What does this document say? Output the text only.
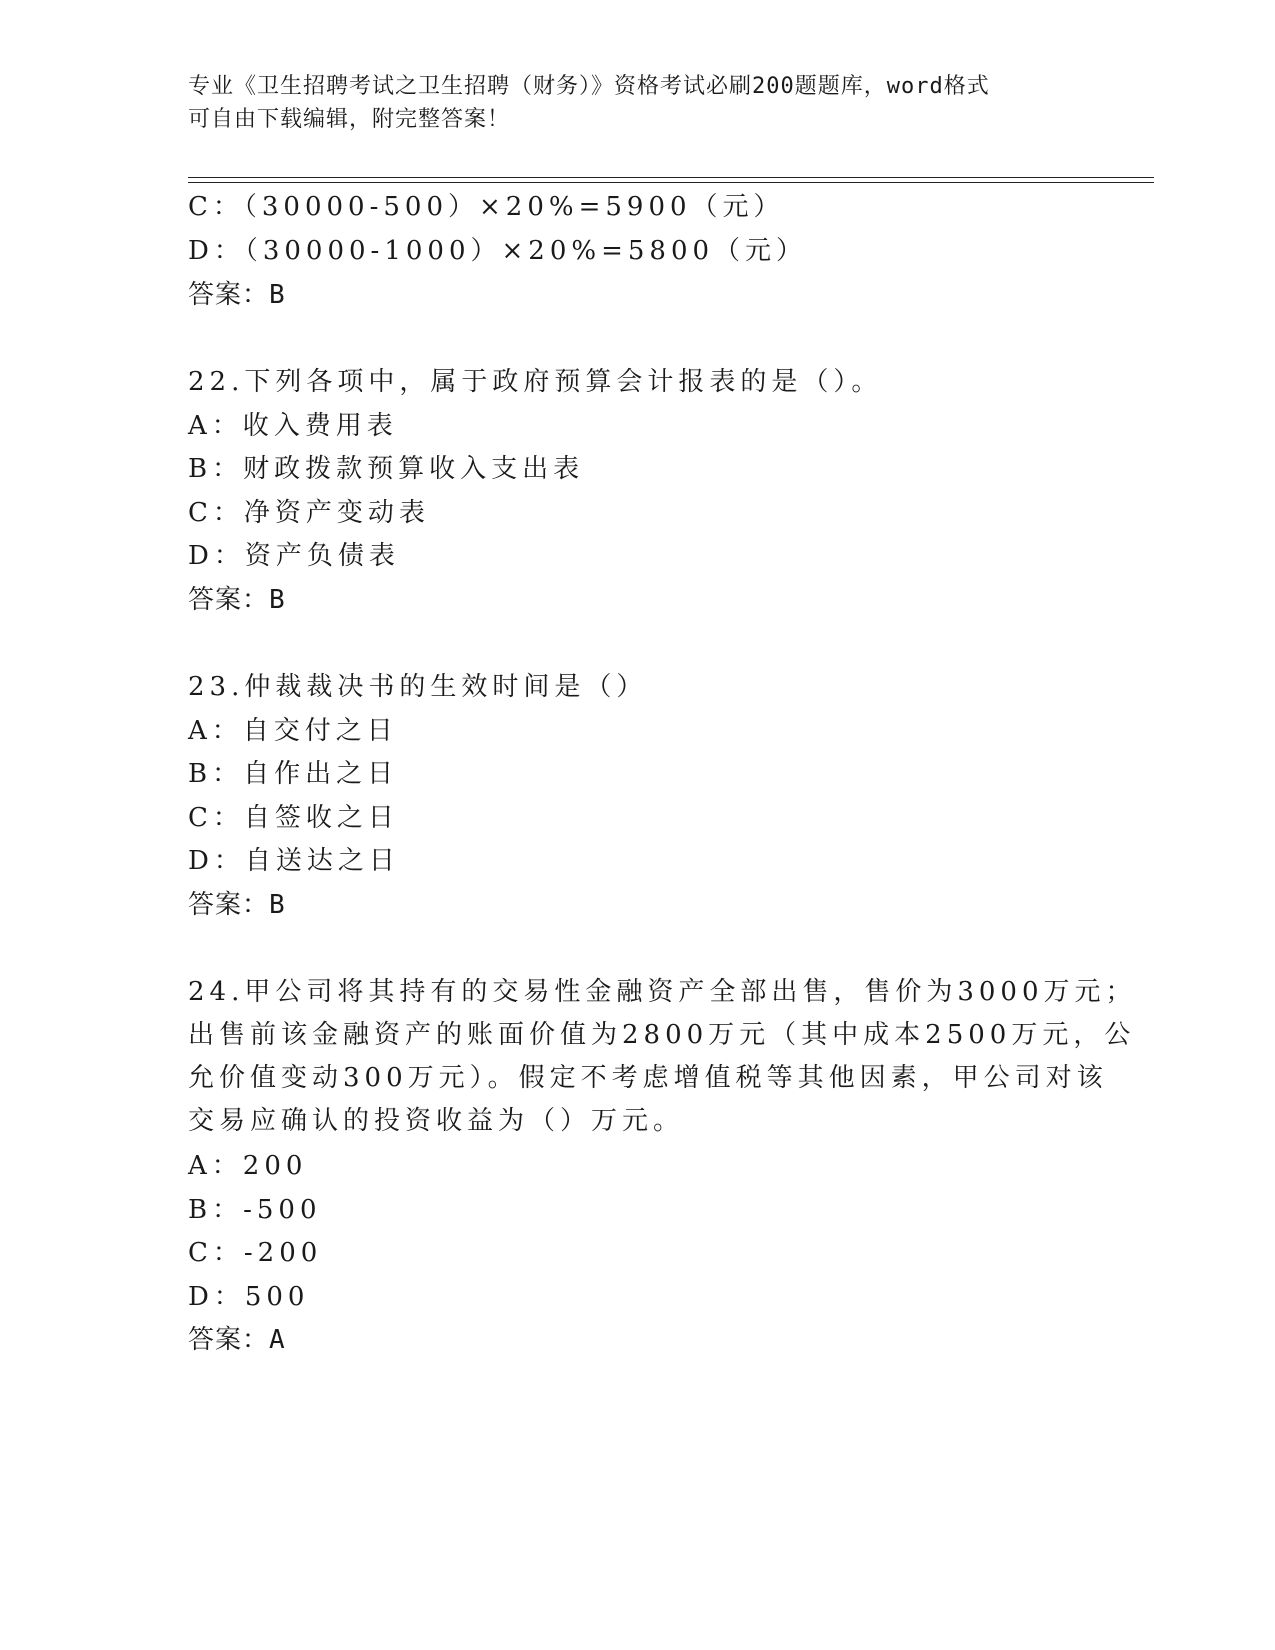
专业《卫生招聘考试之卫生招聘（财务）》资格考试必刷200题题库，word格式
可自由下载编辑，附完整答案！
C：（30000-500）×20%=5900（元）
D：（30000-1000）×20%=5800（元）
答案：B
22.下列各项中，属于政府预算会计报表的是（）。
A：收入费用表
B：财政拨款预算收入支出表
C：净资产变动表
D：资产负债表
答案：B
23.仲裁裁决书的生效时间是（）
A：自交付之日
B：自作出之日
C：自签收之日
D：自送达之日
答案：B
24.甲公司将其持有的交易性金融资产全部出售，售价为3000万元；
出售前该金融资产的账面价值为2800万元（其中成本2500万元，公
允价值变动300万元）。假定不考虑增值税等其他因素，甲公司对该
交易应确认的投资收益为（）万元。
A：200
B：-500
C：-200
D：500
答案：A
